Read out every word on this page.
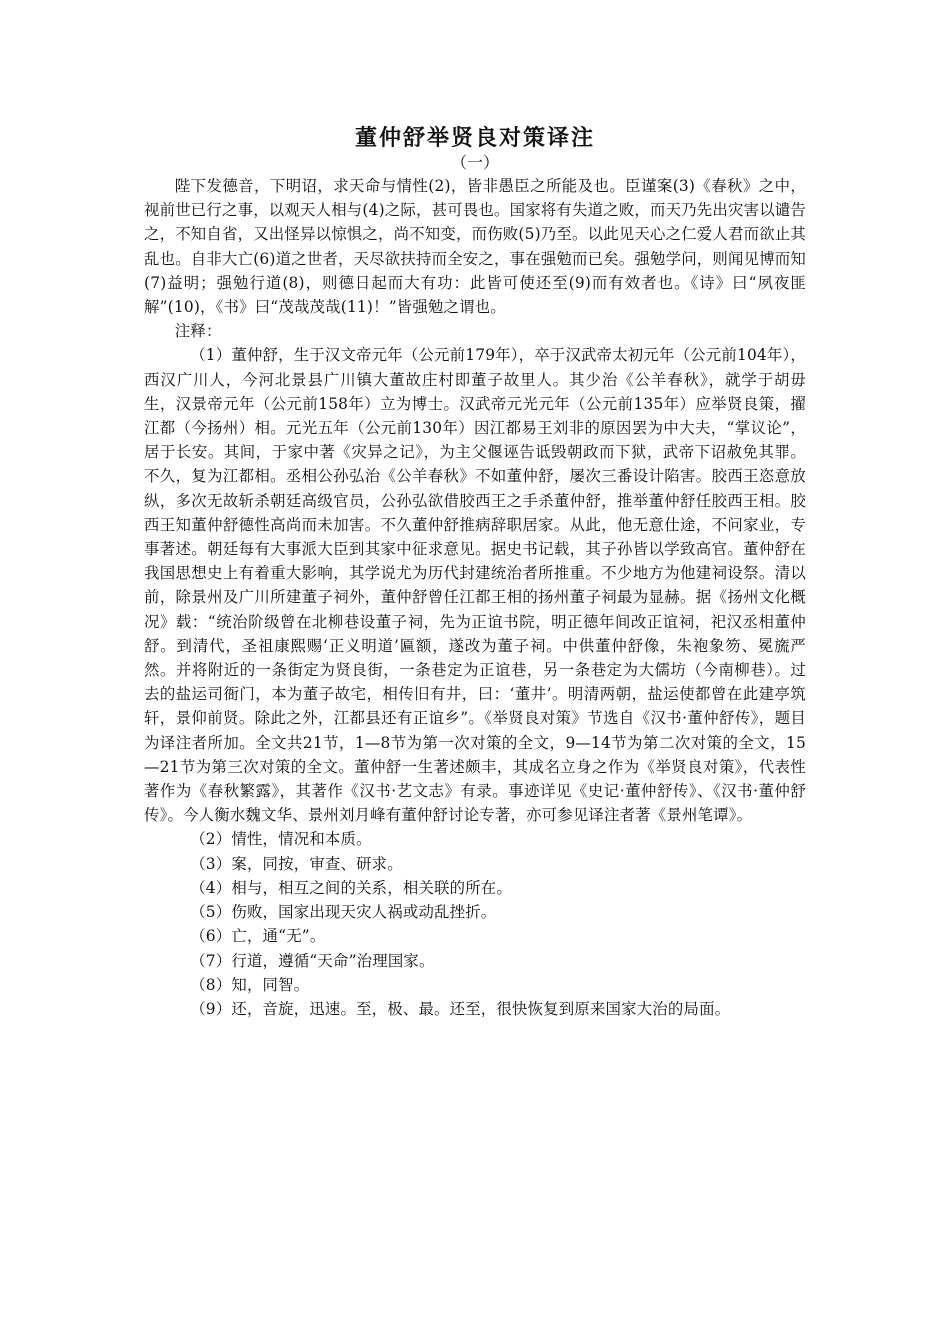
董仲舒举贤良对策译注
（一）

陛下发德音，下明诏，求天命与情性(2)，皆非愚臣之所能及也。臣谨案(3)《春秋》之中，视前世已行之事，以观天人相与(4)之际，甚可畏也。国家将有失道之败，而天乃先出灾害以谴告之，不知自省，又出怪异以惊惧之，尚不知变，而伤败(5)乃至。以此见天心之仁爱人君而欲止其乱也。自非大亡(6)道之世者，天尽欲扶持而全安之，事在强勉而已矣。强勉学问，则闻见博而知(7)益明；强勉行道(8)，则德日起而大有功：此皆可使还至(9)而有效者也。《诗》曰“夙夜匪解”(10)，《书》曰“茂哉茂哉(11)！”皆强勉之谓也。

注释：

（1）董仲舒，生于汉文帝元年（公元前179年），卒于汉武帝太初元年（公元前104年），西汉广川人，今河北景县广川镇大董故庄村即董子故里人。其少治《公羊春秋》，就学于胡毋生，汉景帝元年（公元前158年）立为博士。汉武帝元光元年（公元前135年）应举贤良策，擢江都（今扬州）相。元光五年（公元前130年）因江都易王刘非的原因罢为中大夫，“掌议论”，居于长安。其间，于家中著《灾异之记》，为主父偃诬告诋毁朝政而下狱，武帝下诏赦免其罪。不久，复为江都相。丞相公孙弘治《公羊春秋》不如董仲舒，屡次三番设计陷害。胶西王恣意放纵，多次无故斩杀朝廷高级官员，公孙弘欲借胶西王之手杀董仲舒，推举董仲舒任胶西王相。胶西王知董仲舒德性高尚而未加害。不久董仲舒推病辞职居家。从此，他无意仕途，不问家业，专事著述。朝廷每有大事派大臣到其家中征求意见。据史书记载，其子孙皆以学致高官。董仲舒在我国思想史上有着重大影响，其学说尤为历代封建统治者所推重。不少地方为他建祠设祭。清以前，除景州及广川所建董子祠外，董仲舒曾任江都王相的扬州董子祠最为显赫。据《扬州文化概况》载：“统治阶级曾在北柳巷设董子祠，先为正谊书院，明正德年间改正谊祠，祀汉丞相董仲舒。到清代，圣祖康熙赐‘正义明道’匾额，遂改为董子祠。中供董仲舒像，朱袍象笏、冕旒严然。并将附近的一条街定为贤良街，一条巷定为正谊巷，另一条巷定为大儒坊（今南柳巷）。过去的盐运司衙门，本为董子故宅，相传旧有井，曰：‘董井’。明清两朝，盐运使都曾在此建亭筑轩，景仰前贤。除此之外，江都县还有正谊乡”。《举贤良对策》节选自《汉书·董仲舒传》，题目为译注者所加。全文共21节，1—8节为第一次对策的全文，9—14节为第二次对策的全文，15—21节为第三次对策的全文。董仲舒一生著述颇丰，其成名立身之作为《举贤良对策》，代表性著作为《春秋繁露》，其著作《汉书·艺文志》有录。事迹详见《史记·董仲舒传》、《汉书·董仲舒传》。今人衡水魏文华、景州刘月峰有董仲舒讨论专著，亦可参见译注者著《景州笔谭》。

（2）情性，情况和本质。

（3）案，同按，审查、研求。

（4）相与，相互之间的关系，相关联的所在。

（5）伤败，国家出现天灾人祸或动乱挫折。

（6）亡，通“无”。

（7）行道，遵循“天命”治理国家。

（8）知，同智。

（9）还，音旋，迅速。至，极、最。还至，很快恢复到原来国家大治的局面。
